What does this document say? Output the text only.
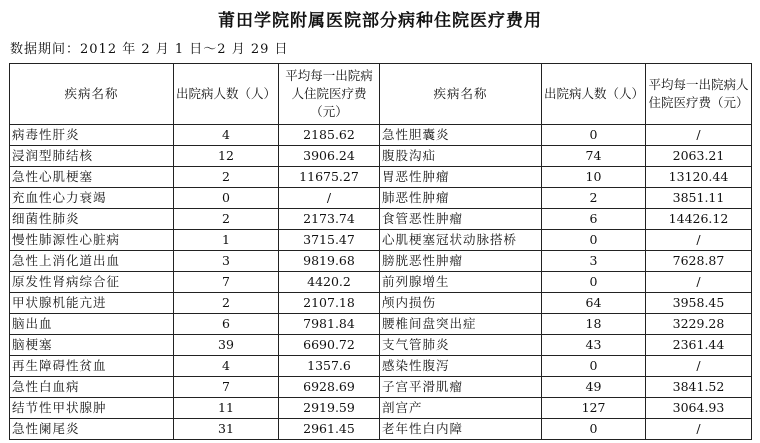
莆田学院附属医院部分病种住院医疗费用
数据期间：2012 年 2 月 1 日～2 月 29 日
疾病名称	出院病人数（人）	平均每一出院病人住院医疗费（元）	疾病名称	出院病人数（人）	平均每一出院病人住院医疗费（元）
病毒性肝炎	4	2185.62	急性胆囊炎	0	/
浸润型肺结核	12	3906.24	腹股沟疝	74	2063.21
急性心肌梗塞	2	11675.27	胃恶性肿瘤	10	13120.44
充血性心力衰竭	0	/	肺恶性肿瘤	2	3851.11
细菌性肺炎	2	2173.74	食管恶性肿瘤	6	14426.12
慢性肺源性心脏病	1	3715.47	心肌梗塞冠状动脉搭桥	0	/
急性上消化道出血	3	9819.68	膀胱恶性肿瘤	3	7628.87
原发性肾病综合征	7	4420.2	前列腺增生	0	/
甲状腺机能亢进	2	2107.18	颅内损伤	64	3958.45
脑出血	6	7981.84	腰椎间盘突出症	18	3229.28
脑梗塞	39	6690.72	支气管肺炎	43	2361.44
再生障碍性贫血	4	1357.6	感染性腹泻	0	/
急性白血病	7	6928.69	子宫平滑肌瘤	49	3841.52
结节性甲状腺肿	11	2919.59	剖宫产	127	3064.93
急性阑尾炎	31	2961.45	老年性白内障	0	/
